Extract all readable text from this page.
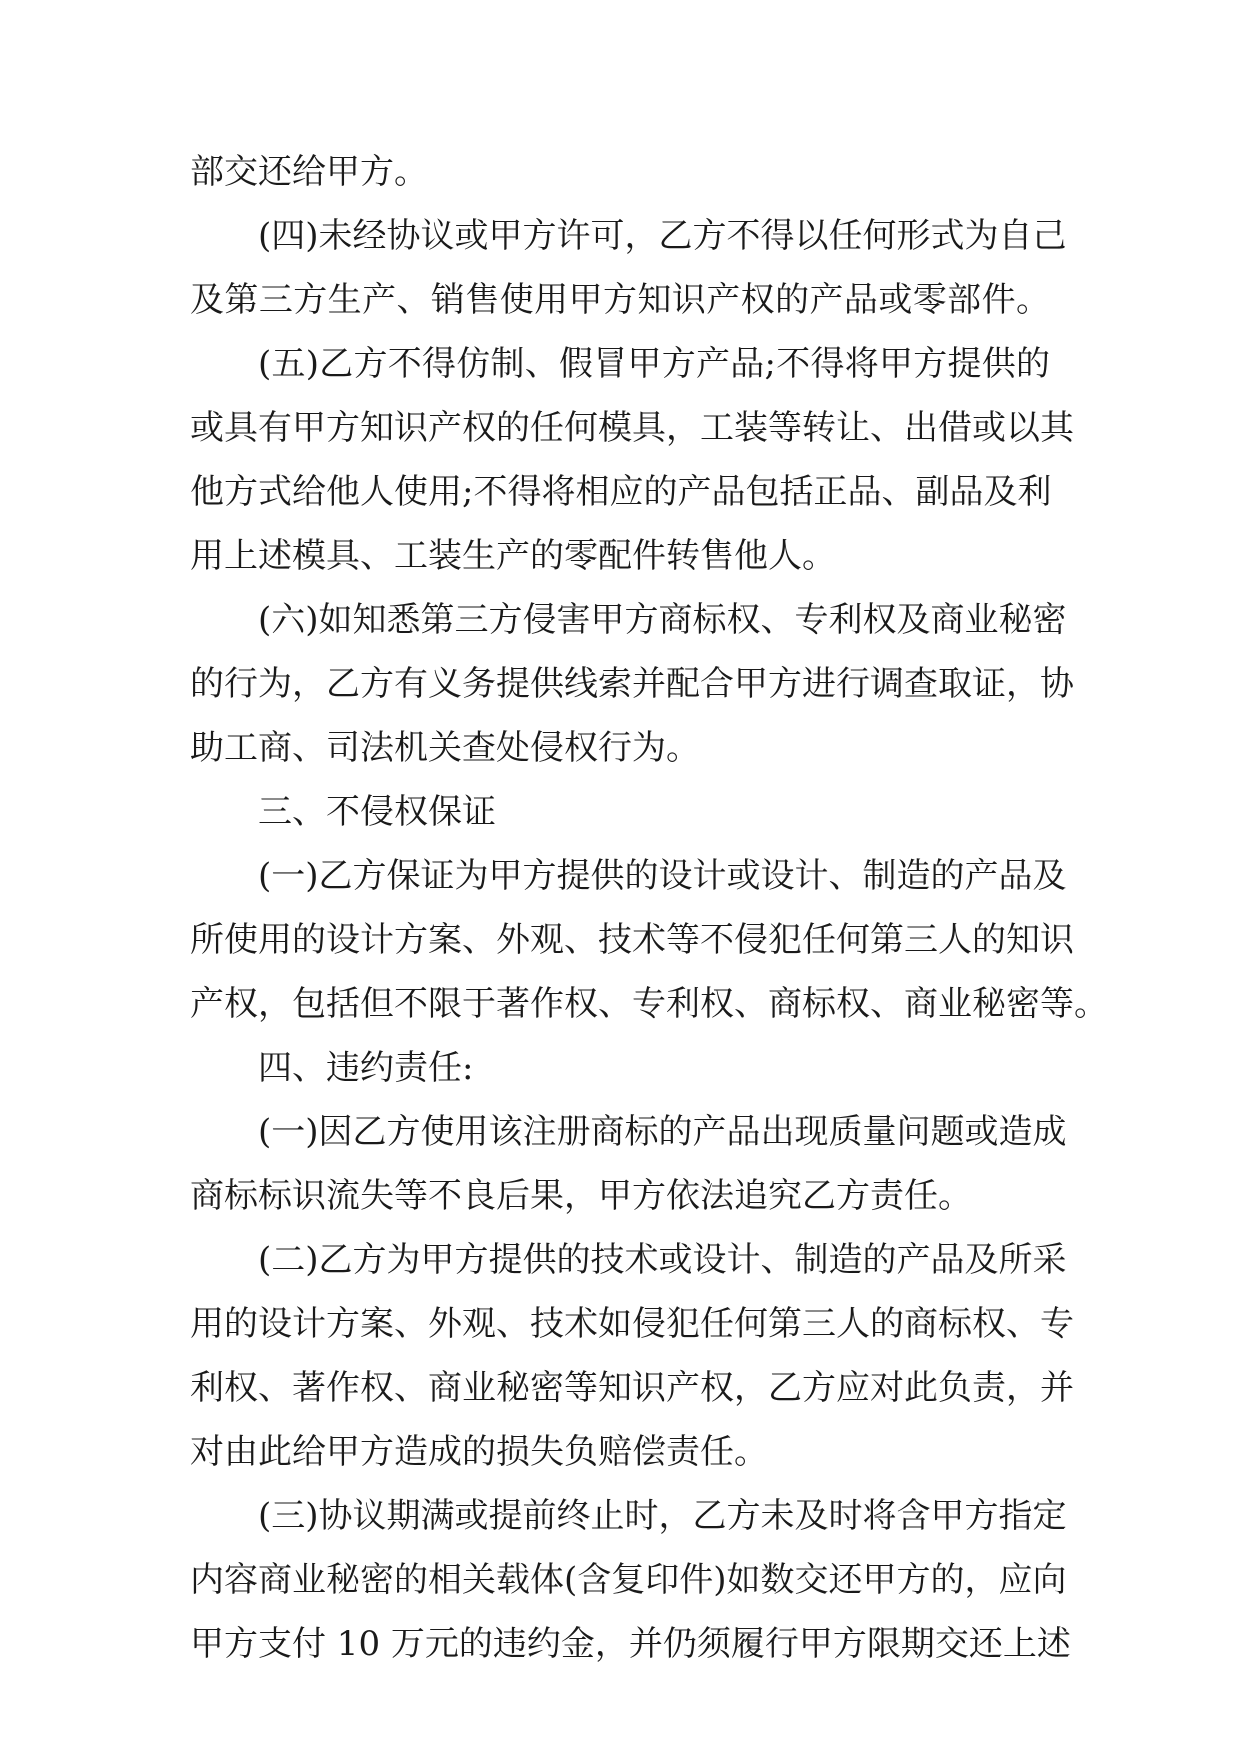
部交还给甲方。
(四)未经协议或甲方许可，乙方不得以任何形式为自己
及第三方生产、销售使用甲方知识产权的产品或零部件。
(五)乙方不得仿制、假冒甲方产品;不得将甲方提供的
或具有甲方知识产权的任何模具，工装等转让、出借或以其
他方式给他人使用;不得将相应的产品包括正品、副品及利
用上述模具、工装生产的零配件转售他人。
(六)如知悉第三方侵害甲方商标权、专利权及商业秘密
的行为，乙方有义务提供线索并配合甲方进行调查取证，协
助工商、司法机关查处侵权行为。
三、不侵权保证
(一)乙方保证为甲方提供的设计或设计、制造的产品及
所使用的设计方案、外观、技术等不侵犯任何第三人的知识
产权，包括但不限于著作权、专利权、商标权、商业秘密等。
四、违约责任:
(一)因乙方使用该注册商标的产品出现质量问题或造成
商标标识流失等不良后果，甲方依法追究乙方责任。
(二)乙方为甲方提供的技术或设计、制造的产品及所采
用的设计方案、外观、技术如侵犯任何第三人的商标权、专
利权、著作权、商业秘密等知识产权，乙方应对此负责，并
对由此给甲方造成的损失负赔偿责任。
(三)协议期满或提前终止时，乙方未及时将含甲方指定
内容商业秘密的相关载体(含复印件)如数交还甲方的，应向
甲方支付 10 万元的违约金，并仍须履行甲方限期交还上述
